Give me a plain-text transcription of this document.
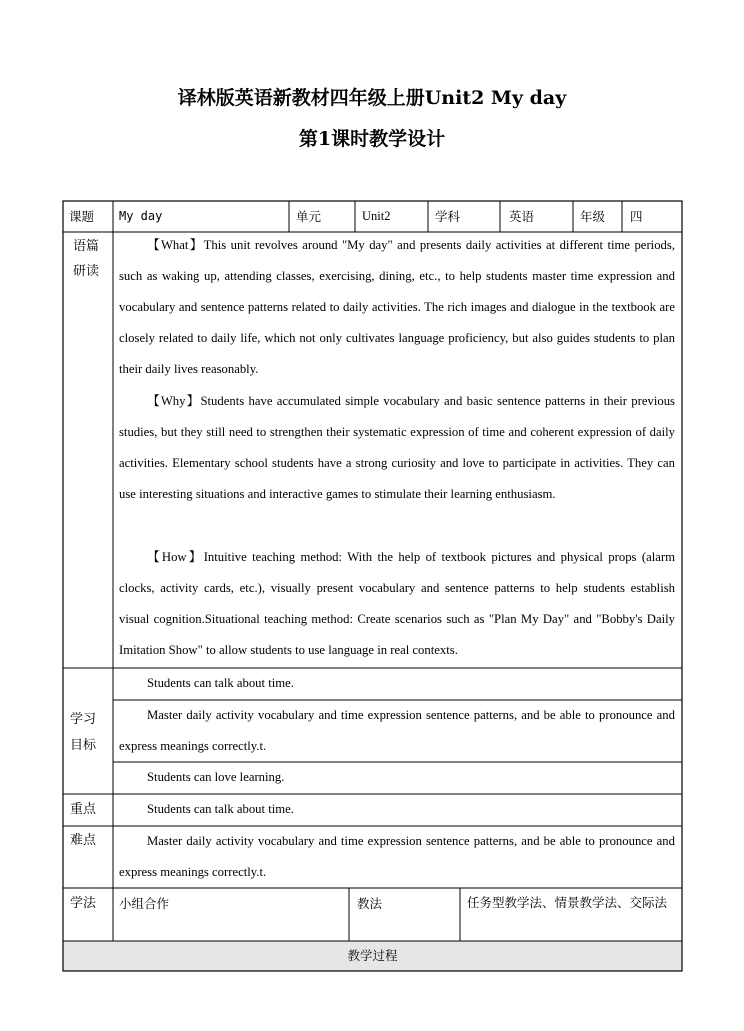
译林版英语新教材四年级上册Unit2 My day
第1课时教学设计
课题 My day	单元	Unit2	学科	英语	年级 四
语篇
研读
【What】This unit revolves around "My day" and presents daily activities at different time periods, such as waking up, attending classes, exercising, dining, etc., to help students master time expression and vocabulary and sentence patterns related to daily activities. The rich images and dialogue in the textbook are closely related to daily life, which not only cultivates language proficiency, but also guides students to plan their daily lives reasonably.
【Why】Students have accumulated simple vocabulary and basic sentence patterns in their previous studies, but they still need to strengthen their systematic expression of time and coherent expression of daily activities. Elementary school students have a strong curiosity and love to participate in activities. They can use interesting situations and interactive games to stimulate their learning enthusiasm.
【How】Intuitive teaching method: With the help of textbook pictures and physical props (alarm clocks, activity cards, etc.), visually present vocabulary and sentence patterns to help students establish visual cognition.Situational teaching method: Create scenarios such as "Plan My Day" and "Bobby's Daily Imitation Show" to allow students to use language in real contexts.
学习
目标
Students can talk about time.
Master daily activity vocabulary and time expression sentence patterns, and be able to pronounce and express meanings correctly.t.
Students can love learning.
重点	Students can talk about time.
难点	Master daily activity vocabulary and time expression sentence patterns, and be able to pronounce and express meanings correctly.t.
学法	小组合作	教法	任务型教学法、情景教学法、交际法
教学过程
